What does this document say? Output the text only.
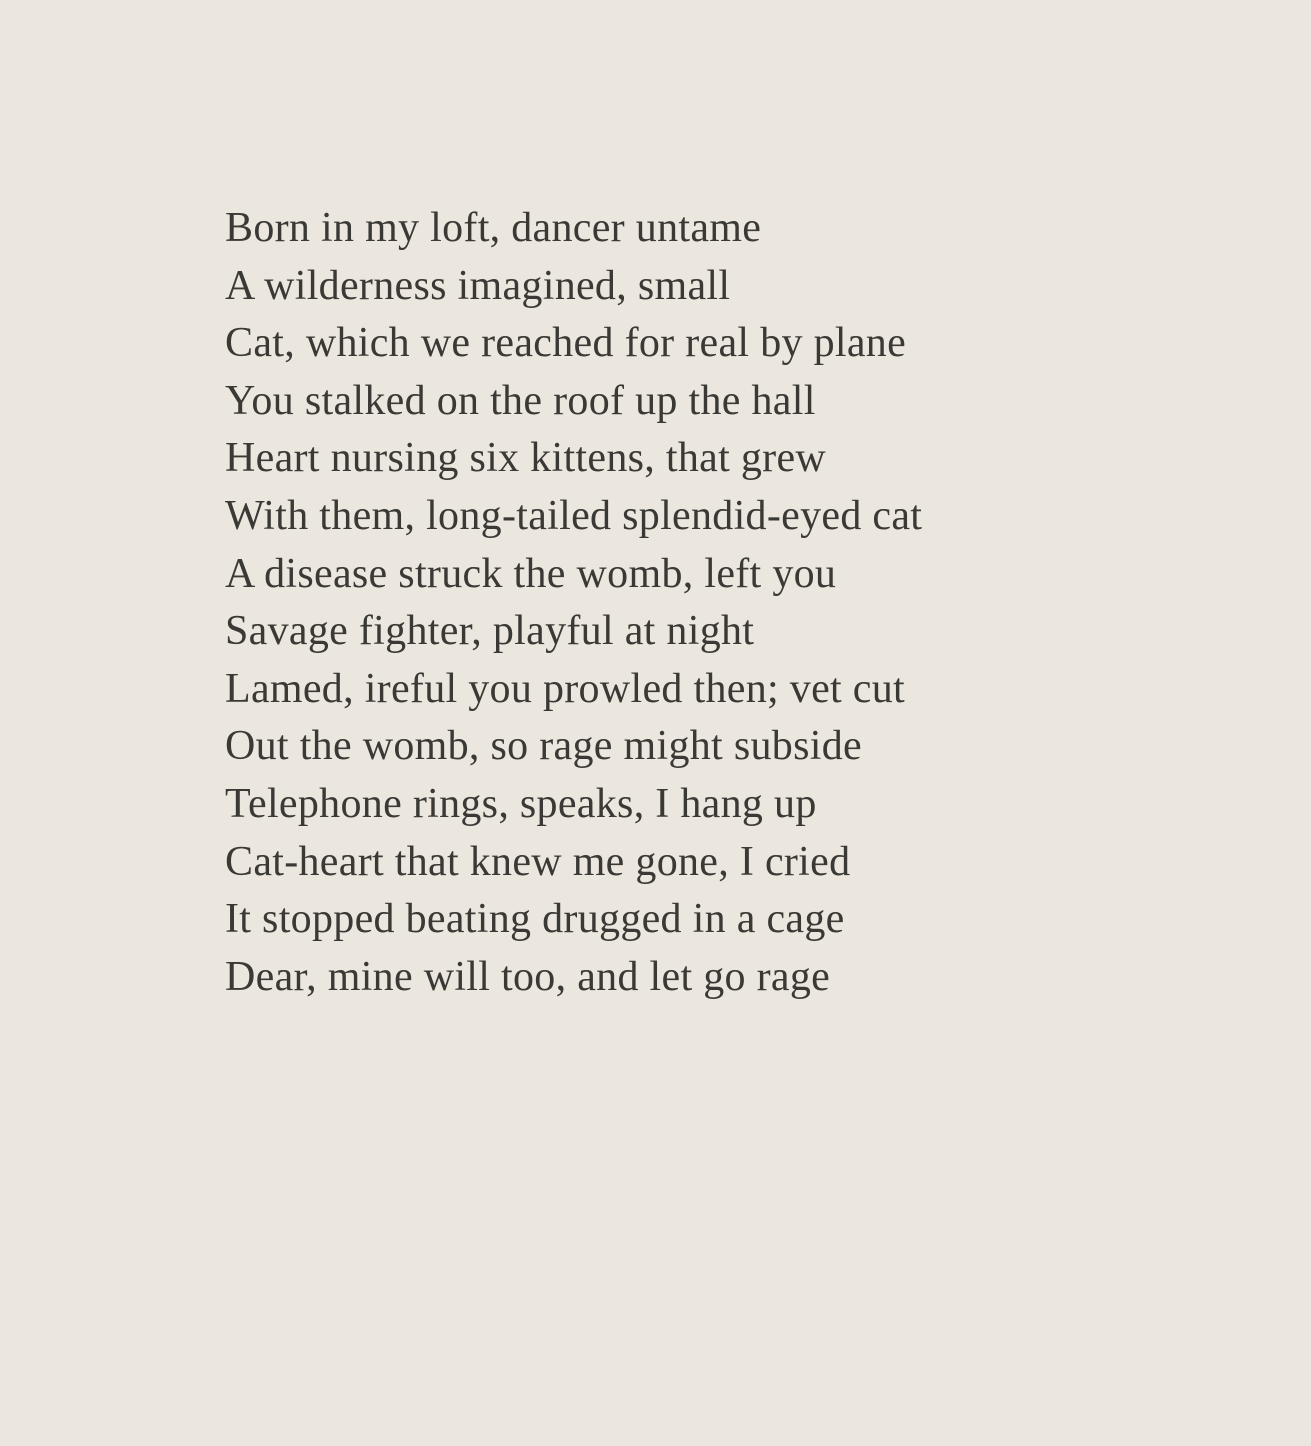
Born in my loft, dancer untame
A wilderness imagined, small
Cat, which we reached for real by plane
You stalked on the roof up the hall
Heart nursing six kittens, that grew
With them, long-tailed splendid-eyed cat
A disease struck the womb, left you
Savage fighter, playful at night
Lamed, ireful you prowled then; vet cut
Out the womb, so rage might subside
Telephone rings, speaks, I hang up
Cat-heart that knew me gone, I cried
It stopped beating drugged in a cage
Dear, mine will too, and let go rage
